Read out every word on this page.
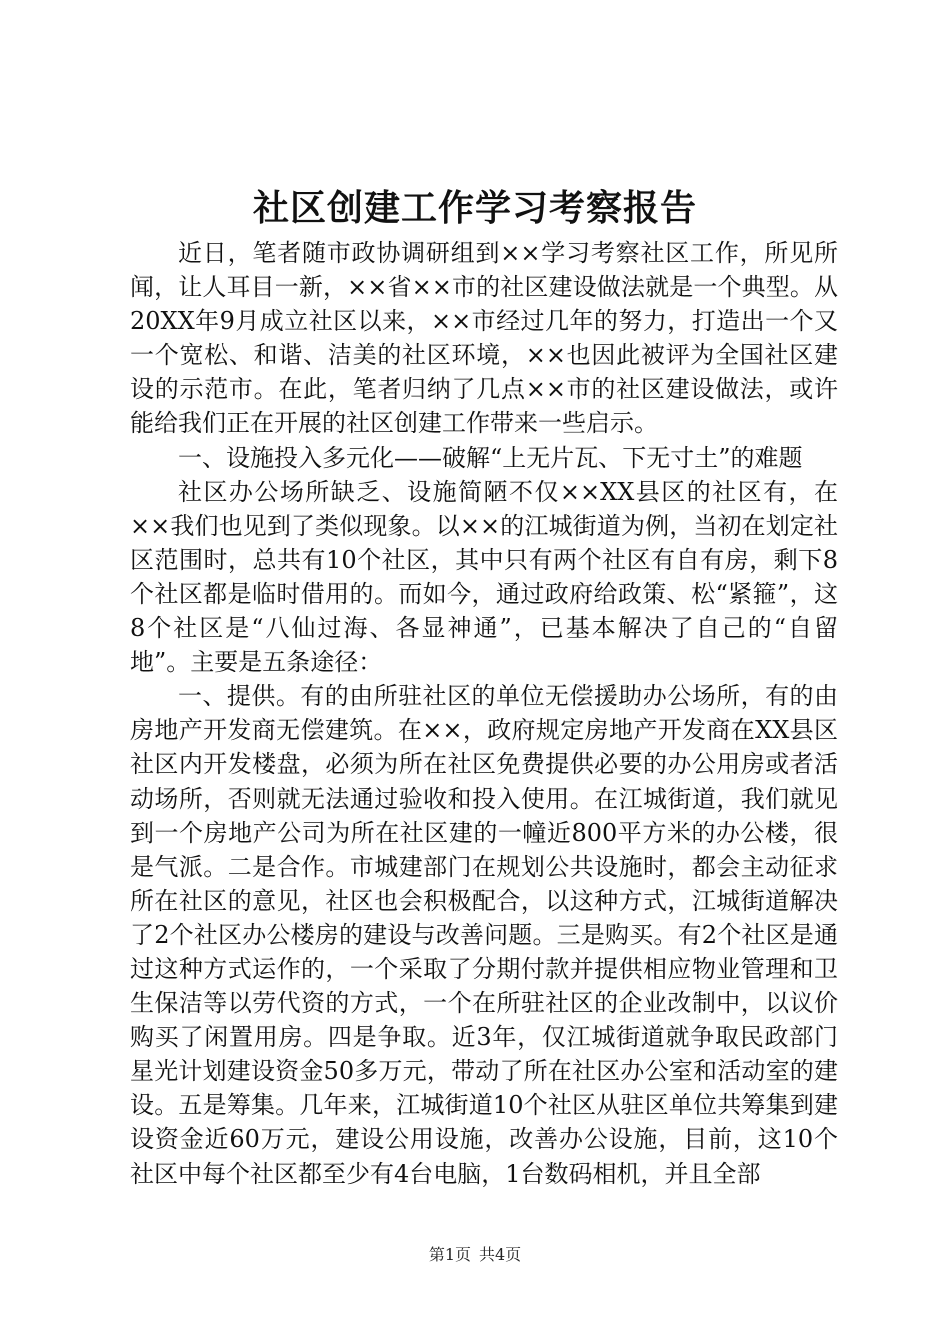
社区创建工作学习考察报告

近日，笔者随市政协调研组到××学习考察社区工作，所见所闻，让人耳目一新，××省××市的社区建设做法就是一个典型。从20XX年9月成立社区以来，××市经过几年的努力，打造出一个又一个宽松、和谐、洁美的社区环境，××也因此被评为全国社区建设的示范市。在此，笔者归纳了几点××市的社区建设做法，或许能给我们正在开展的社区创建工作带来一些启示。

一、设施投入多元化——破解“上无片瓦、下无寸土”的难题

社区办公场所缺乏、设施简陋不仅××XX县区的社区有，在××我们也见到了类似现象。以××的江城街道为例，当初在划定社区范围时，总共有10个社区，其中只有两个社区有自有房，剩下8个社区都是临时借用的。而如今，通过政府给政策、松“紧箍”，这8个社区是“八仙过海、各显神通”，已基本解决了自己的“自留地”。主要是五条途径：

一、提供。有的由所驻社区的单位无偿援助办公场所，有的由房地产开发商无偿建筑。在××，政府规定房地产开发商在XX县区社区内开发楼盘，必须为所在社区免费提供必要的办公用房或者活动场所，否则就无法通过验收和投入使用。在江城街道，我们就见到一个房地产公司为所在社区建的一幢近800平方米的办公楼，很是气派。二是合作。市城建部门在规划公共设施时，都会主动征求所在社区的意见，社区也会积极配合，以这种方式，江城街道解决了2个社区办公楼房的建设与改善问题。三是购买。有2个社区是通过这种方式运作的，一个采取了分期付款并提供相应物业管理和卫生保洁等以劳代资的方式，一个在所驻社区的企业改制中，以议价购买了闲置用房。四是争取。近3年，仅江城街道就争取民政部门星光计划建设资金50多万元，带动了所在社区办公室和活动室的建设。五是筹集。几年来，江城街道10个社区从驻区单位共筹集到建设资金近60万元，建设公用设施，改善办公设施，目前，这10个社区中每个社区都至少有4台电脑，1台数码相机，并且全部

第1页 共4页
